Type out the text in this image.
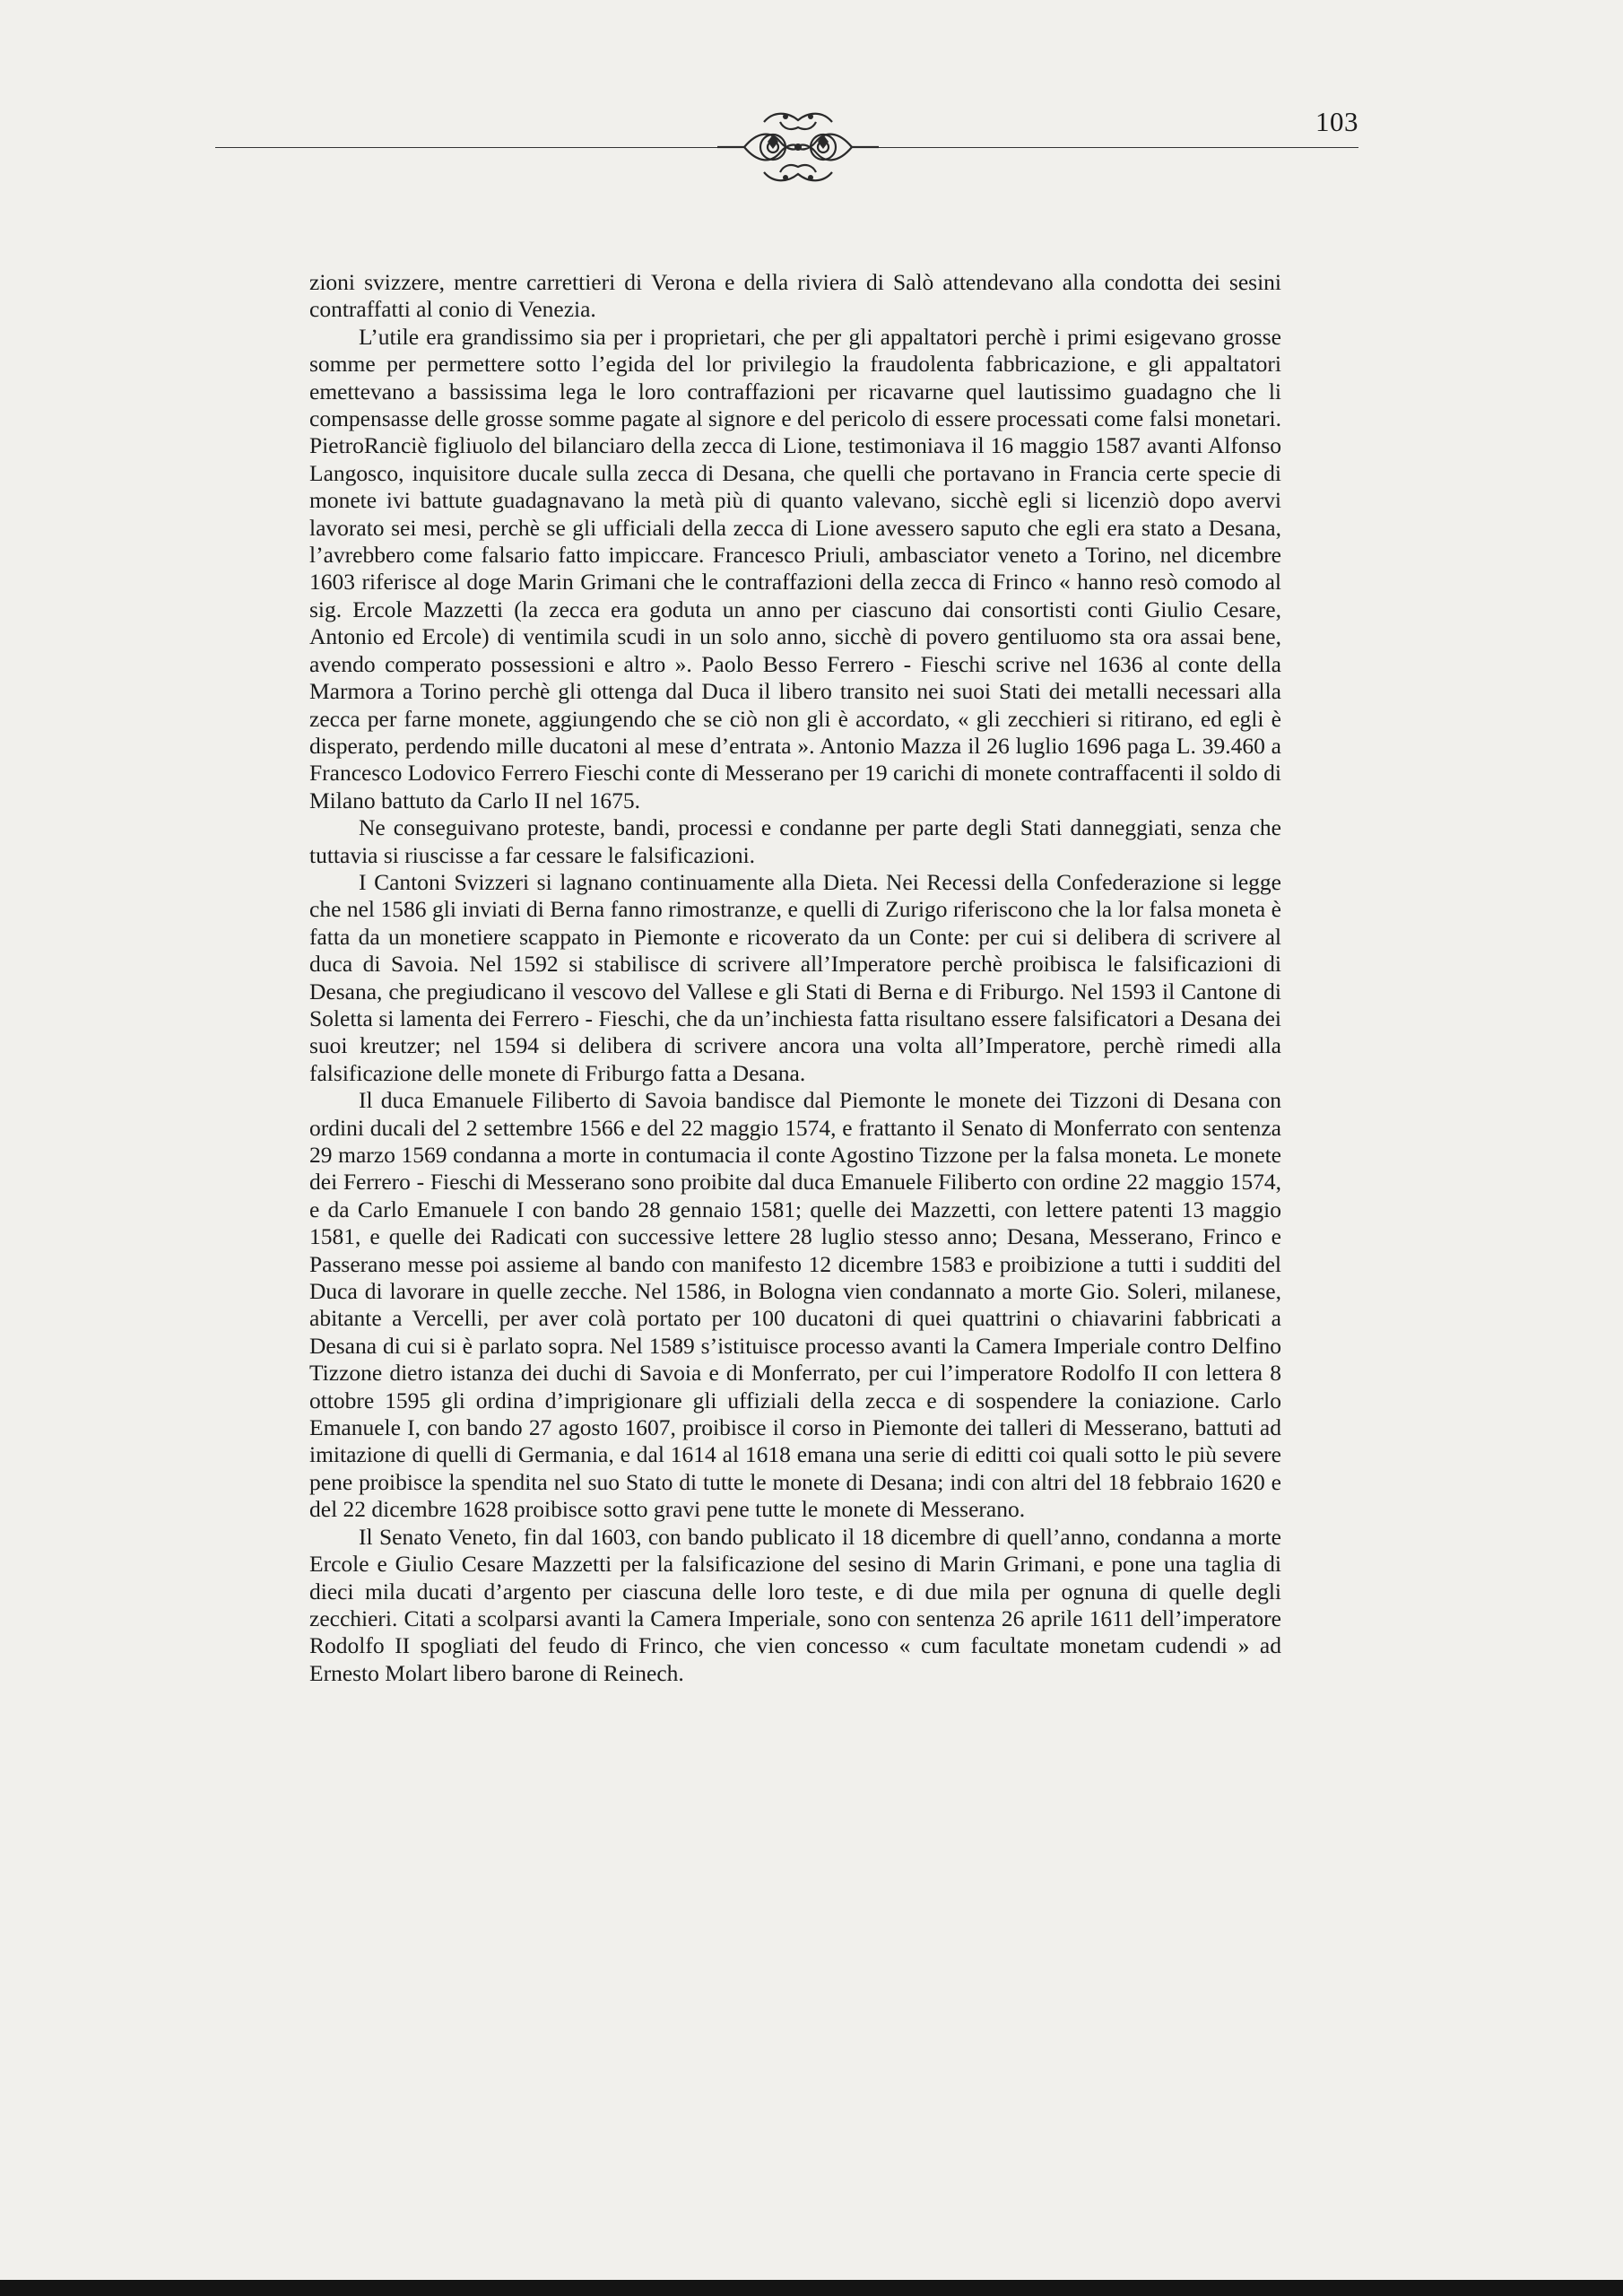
103

zioni svizzere, mentre carrettieri di Verona e della riviera di Salò attendevano alla condotta dei sesini contraffatti al conio di Venezia.

L’utile era grandissimo sia per i proprietari, che per gli appaltatori perchè i primi esigevano grosse somme per permettere sotto l’egida del lor privilegio la fraudolenta fabbricazione, e gli appaltatori emettevano a bassissima lega le loro contraffazioni per ricavarne quel lautissimo guadagno che li compensasse delle grosse somme pagate al signore e del pericolo di essere processati come falsi monetari. PietroRanciè figliuolo del bilanciaro della zecca di Lione, testimoniava il 16 maggio 1587 avanti Alfonso Langosco, inquisitore ducale sulla zecca di Desana, che quelli che portavano in Francia certe specie di monete ivi battute guadagnavano la metà più di quanto valevano, sicchè egli si licenziò dopo avervi lavorato sei mesi, perchè se gli ufficiali della zecca di Lione avessero saputo che egli era stato a Desana, l’avrebbero come falsario fatto impiccare. Francesco Priuli, ambasciator veneto a Torino, nel dicembre 1603 riferisce al doge Marin Grimani che le contraffazioni della zecca di Frinco « hanno resò comodo al sig. Ercole Mazzetti (la zecca era goduta un anno per ciascuno dai consortisti conti Giulio Cesare, Antonio ed Ercole) di ventimila scudi in un solo anno, sicchè di povero gentiluomo sta ora assai bene, avendo comperato possessioni e altro ». Paolo Besso Ferrero - Fieschi scrive nel 1636 al conte della Marmora a Torino perchè gli ottenga dal Duca il libero transito nei suoi Stati dei metalli necessari alla zecca per farne monete, aggiungendo che se ciò non gli è accordato, « gli zecchieri si ritirano, ed egli è disperato, perdendo mille ducatoni al mese d’entrata ». Antonio Mazza il 26 luglio 1696 paga L. 39.460 a Francesco Lodovico Ferrero Fieschi conte di Messerano per 19 carichi di monete contraffacenti il soldo di Milano battuto da Carlo II nel 1675.

Ne conseguivano proteste, bandi, processi e condanne per parte degli Stati danneggiati, senza che tuttavia si riuscisse a far cessare le falsificazioni.

I Cantoni Svizzeri si lagnano continuamente alla Dieta. Nei Recessi della Confederazione si legge che nel 1586 gli inviati di Berna fanno rimostranze, e quelli di Zurigo riferiscono che la lor falsa moneta è fatta da un monetiere scappato in Piemonte e ricoverato da un Conte: per cui si delibera di scrivere al duca di Savoia. Nel 1592 si stabilisce di scrivere all’Imperatore perchè proibisca le falsificazioni di Desana, che pregiudicano il vescovo del Vallese e gli Stati di Berna e di Friburgo. Nel 1593 il Cantone di Soletta si lamenta dei Ferrero - Fieschi, che da un’inchiesta fatta risultano essere falsificatori a Desana dei suoi kreutzer; nel 1594 si delibera di scrivere ancora una volta all’Imperatore, perchè rimedi alla falsificazione delle monete di Friburgo fatta a Desana.

Il duca Emanuele Filiberto di Savoia bandisce dal Piemonte le monete dei Tizzoni di Desana con ordini ducali del 2 settembre 1566 e del 22 maggio 1574, e frattanto il Senato di Monferrato con sentenza 29 marzo 1569 condanna a morte in contumacia il conte Agostino Tizzone per la falsa moneta. Le monete dei Ferrero - Fieschi di Messerano sono proibite dal duca Emanuele Filiberto con ordine 22 maggio 1574, e da Carlo Emanuele I con bando 28 gennaio 1581; quelle dei Mazzetti, con lettere patenti 13 maggio 1581, e quelle dei Radicati con successive lettere 28 luglio stesso anno; Desana, Messerano, Frinco e Passerano messe poi assieme al bando con manifesto 12 dicembre 1583 e proibizione a tutti i sudditi del Duca di lavorare in quelle zecche. Nel 1586, in Bologna vien condannato a morte Gio. Soleri, milanese, abitante a Vercelli, per aver colà portato per 100 ducatoni di quei quattrini o chiavarini fabbricati a Desana di cui si è parlato sopra. Nel 1589 s’istituisce processo avanti la Camera Imperiale contro Delfino Tizzone dietro istanza dei duchi di Savoia e di Monferrato, per cui l’imperatore Rodolfo II con lettera 8 ottobre 1595 gli ordina d’imprigionare gli uffiziali della zecca e di sospendere la coniazione. Carlo Emanuele I, con bando 27 agosto 1607, proibisce il corso in Piemonte dei talleri di Messerano, battuti ad imitazione di quelli di Germania, e dal 1614 al 1618 emana una serie di editti coi quali sotto le più severe pene proibisce la spendita nel suo Stato di tutte le monete di Desana; indi con altri del 18 febbraio 1620 e del 22 dicembre 1628 proibisce sotto gravi pene tutte le monete di Messerano.

Il Senato Veneto, fin dal 1603, con bando publicato il 18 dicembre di quell’anno, condanna a morte Ercole e Giulio Cesare Mazzetti per la falsificazione del sesino di Marin Grimani, e pone una taglia di dieci mila ducati d’argento per ciascuna delle loro teste, e di due mila per ognuna di quelle degli zecchieri. Citati a scolparsi avanti la Camera Imperiale, sono con sentenza 26 aprile 1611 dell’imperatore Rodolfo II spogliati del feudo di Frinco, che vien concesso « cum facultate monetam cudendi » ad Ernesto Molart libero barone di Reinech.
